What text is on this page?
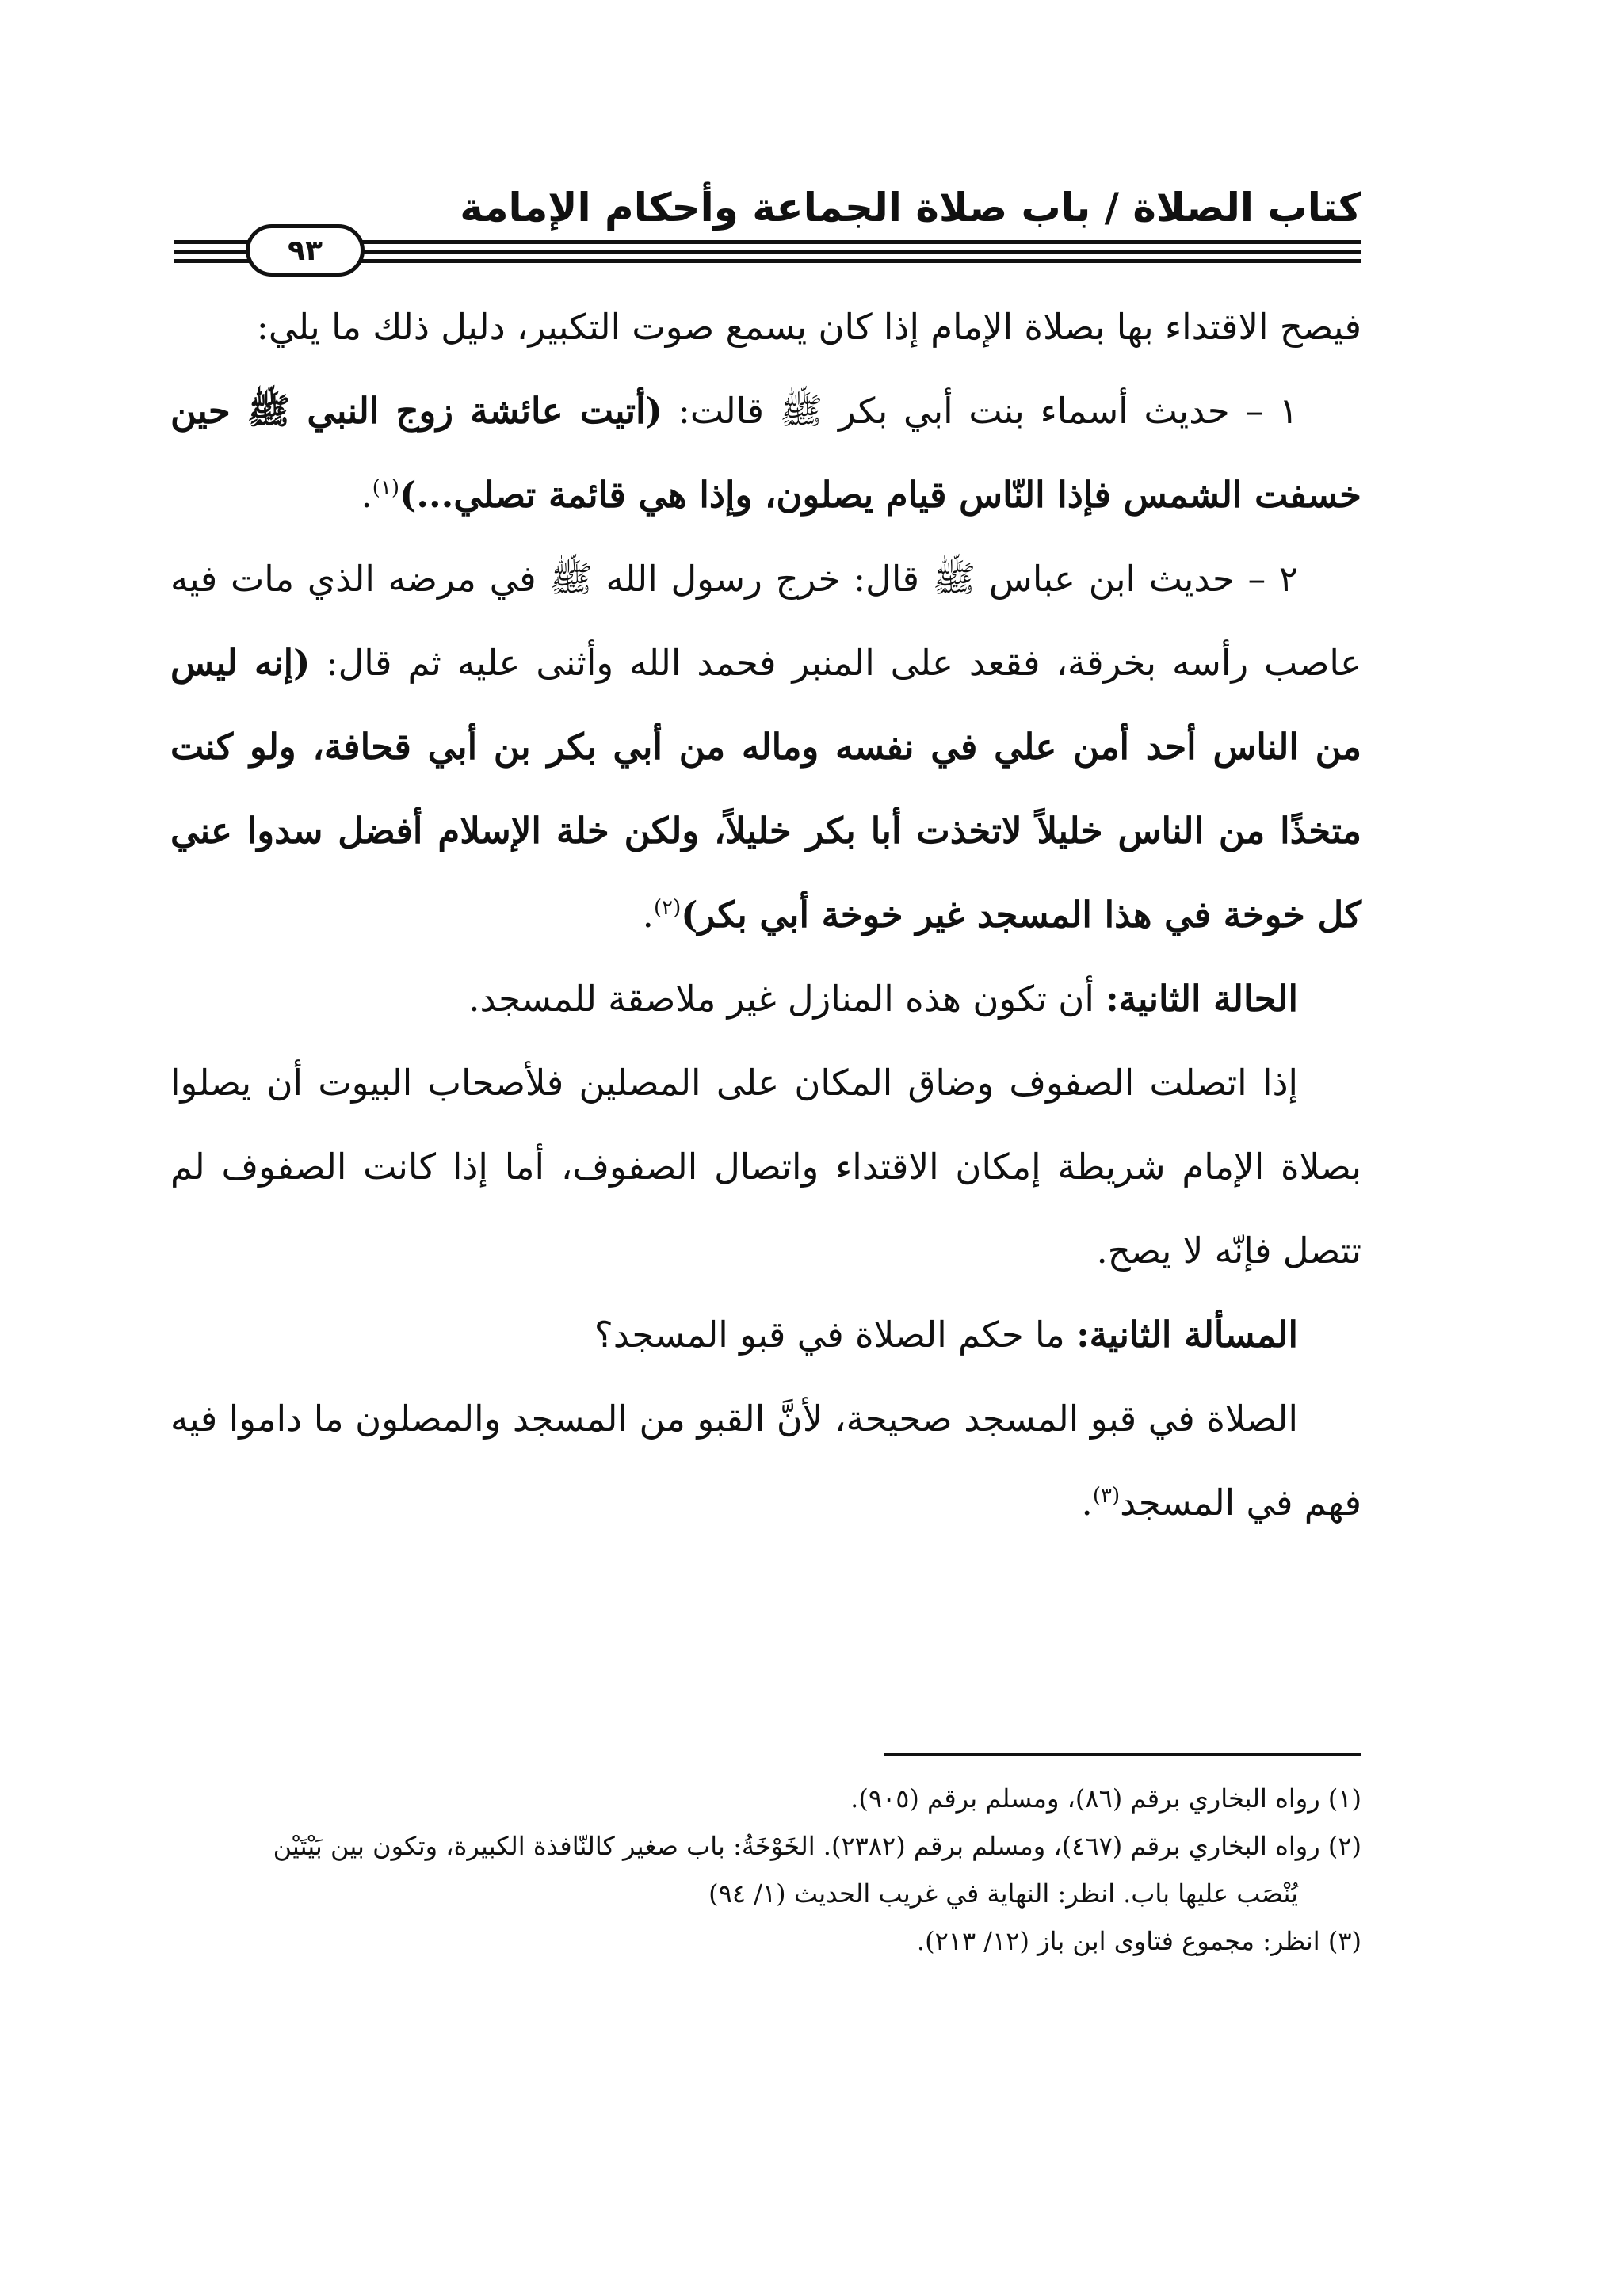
كتاب الصلاة / باب صلاة الجماعة وأحكام الإمامة
٩٣

فيصح الاقتداء بها بصلاة الإمام إذا كان يسمع صوت التكبير، دليل ذلك ما يلي:

١ – حديث أسماء بنت أبي بكر ﷺ قالت: (أتيت عائشة زوج النبي ﷺ حين خسفت الشمس فإذا النّاس قيام يصلون، وإذا هي قائمة تصلي...)$^{(١)}$.

٢ – حديث ابن عباس ﷺ قال: خرج رسول الله ﷺ في مرضه الذي مات فيه عاصب رأسه بخرقة، فقعد على المنبر فحمد الله وأثنى عليه ثم قال: (إنه ليس من الناس أحد أمن علي في نفسه وماله من أبي بكر بن أبي قحافة، ولو كنت متخذًا من الناس خليلاً لاتخذت أبا بكر خليلاً، ولكن خلة الإسلام أفضل سدوا عني كل خوخة في هذا المسجد غير خوخة أبي بكر)$^{(٢)}$.

الحالة الثانية: أن تكون هذه المنازل غير ملاصقة للمسجد.

إذا اتصلت الصفوف وضاق المكان على المصلين فلأصحاب البيوت أن يصلوا بصلاة الإمام شريطة إمكان الاقتداء واتصال الصفوف، أما إذا كانت الصفوف لم تتصل فإنّه لا يصح.

المسألة الثانية: ما حكم الصلاة في قبو المسجد؟

الصلاة في قبو المسجد صحيحة، لأنَّ القبو من المسجد والمصلون ما داموا فيه فهم في المسجد$^{(٣)}$.

(١) رواه البخاري برقم (٨٦)، ومسلم برقم (٩٠٥).

(٢) رواه البخاري برقم (٤٦٧)، ومسلم برقم (٢٣٨٢). الخَوْخَةُ: باب صغير كالنّافذة الكبيرة، وتكون بين بَيْتَيْن

يُنْصَب عليها باب. انظر: النهاية في غريب الحديث (١/ ٩٤)

(٣) انظر: مجموع فتاوى ابن باز (١٢/ ٢١٣).
